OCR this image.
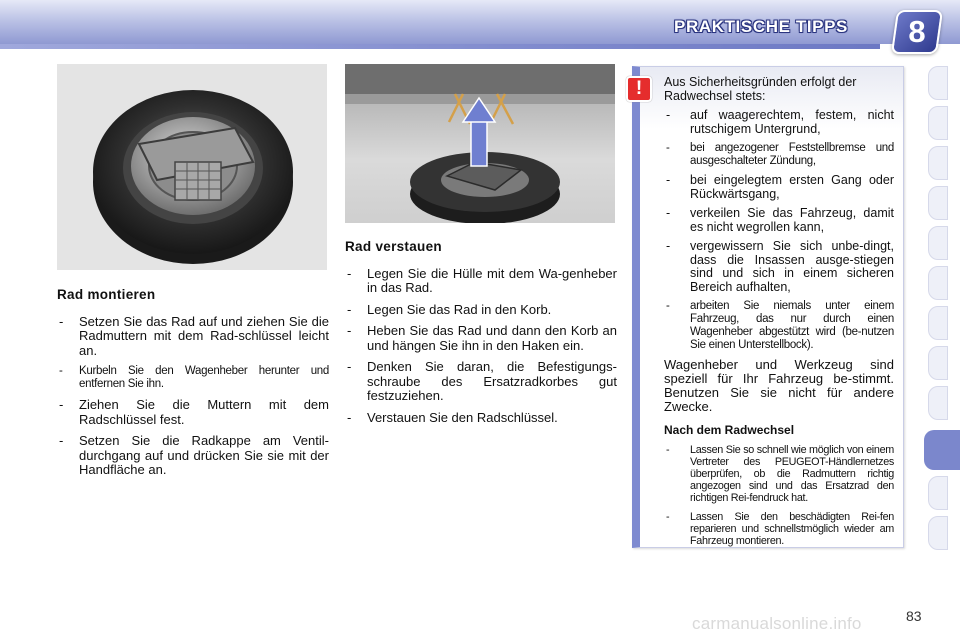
PRAKTISCHE TIPPS	8
Rad montieren
- Setzen Sie das Rad auf und ziehen Sie die Radmuttern mit dem Rad-schlüssel leicht an.
- Kurbeln Sie den Wagenheber herunter und entfernen Sie ihn.
- Ziehen Sie die Muttern mit dem Radschlüssel fest.
- Setzen Sie die Radkappe am Ventil-durchgang auf und drücken Sie sie mit der Handfläche an.
Rad verstauen
- Legen Sie die Hülle mit dem Wa-genheber in das Rad.
- Legen Sie das Rad in den Korb.
- Heben Sie das Rad und dann den Korb an und hängen Sie ihn in den Haken ein.
- Denken Sie daran, die Befestigungs-schraube des Ersatzradkorbes gut festzuziehen.
- Verstauen Sie den Radschlüssel.
!	Aus Sicherheitsgründen erfolgt der Radwechsel stets:
- auf waagerechtem, festem, nicht rutschigem Untergrund,
- bei angezogener Feststellbremse und ausgeschalteter Zündung,
- bei eingelegtem ersten Gang oder Rückwärtsgang,
- verkeilen Sie das Fahrzeug, damit es nicht wegrollen kann,
- vergewissern Sie sich unbe-dingt, dass die Insassen ausge-stiegen sind und sich in einem sicheren Bereich aufhalten,
- arbeiten Sie niemals unter einem Fahrzeug, das nur durch einen Wagenheber abgestützt wird (be-nutzen Sie einen Unterstellbock).
Wagenheber und Werkzeug sind speziell für Ihr Fahrzeug be-stimmt. Benutzen Sie sie nicht für andere Zwecke.
Nach dem Radwechsel
- Lassen Sie so schnell wie möglich von einem Vertreter des PEUGEOT-Händlernetzes überprüfen, ob die Radmuttern richtig angezogen sind und das Ersatzrad den richtigen Rei-fendruck hat.
- Lassen Sie den beschädigten Rei-fen reparieren und schnellstmöglich wieder am Fahrzeug montieren.
carmanualsonline.info	83
